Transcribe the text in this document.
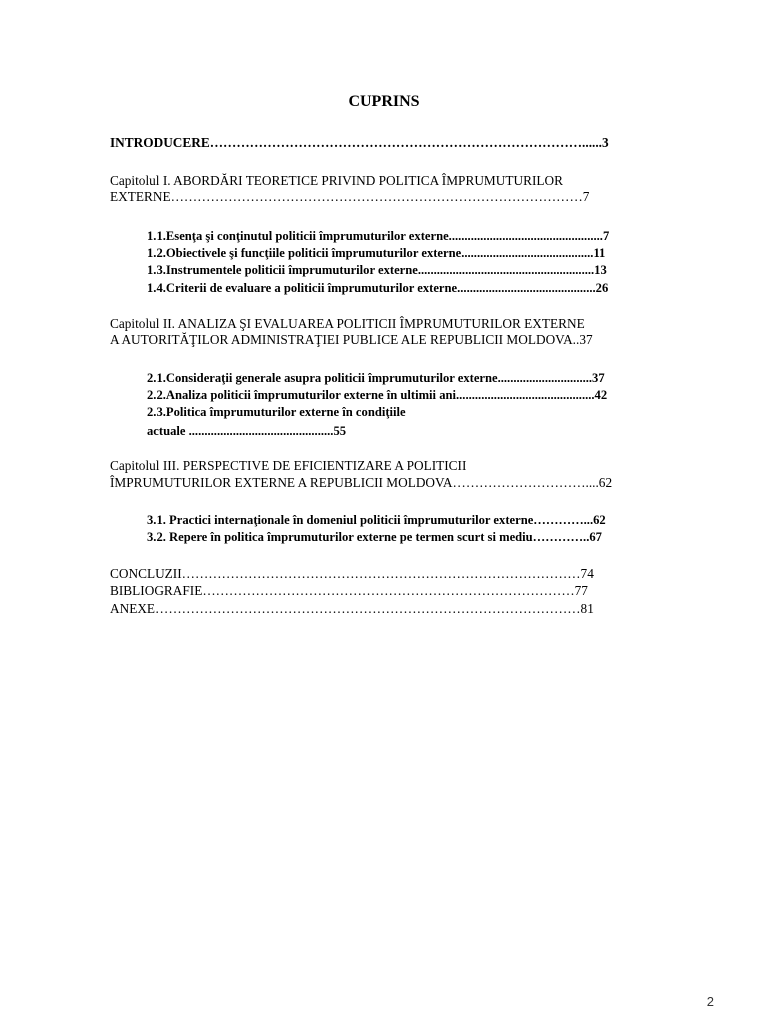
CUPRINS
INTRODUCERE…………………………………………………………………………......3
Capitolul I. ABORDĂRI TEORETICE PRIVIND POLITICA ÎMPRUMUTURILOR
EXTERNE…………………………………………………………………………………7
1.1.Esenţa şi conţinutul politicii împrumuturilor externe.................................................7
1.2.Obiectivele şi funcţiile politicii împrumuturilor externe..........................................11
1.3.Instrumentele politicii împrumuturilor externe........................................................13
1.4.Criterii de evaluare a politicii împrumuturilor externe............................................26
Capitolul II. ANALIZA ŞI EVALUAREA POLITICII ÎMPRUMUTURILOR EXTERNE
A AUTORITĂŢILOR ADMINISTRAŢIEI PUBLICE ALE REPUBLICII MOLDOVA..37
2.1.Consideraţii generale asupra politicii împrumuturilor externe..............................37
2.2.Analiza politicii împrumuturilor externe în ultimii ani............................................42
2.3.Politica împrumuturilor externe în condiţiile
actuale ..............................................55
Capitolul III. PERSPECTIVE DE EFICIENTIZARE A POLITICII
ÎMPRUMUTURILOR EXTERNE A REPUBLICII MOLDOVA…………………………....62
3.1. Practici internaţionale în domeniul politicii împrumuturilor externe…………...62
3.2. Repere în politica împrumuturilor externe pe termen scurt si mediu…………..67
CONCLUZII………………………………………………………………………………74
BIBLIOGRAFIE…………………………………………………………………………77
ANEXE……………………………………………………………………………………81
2
